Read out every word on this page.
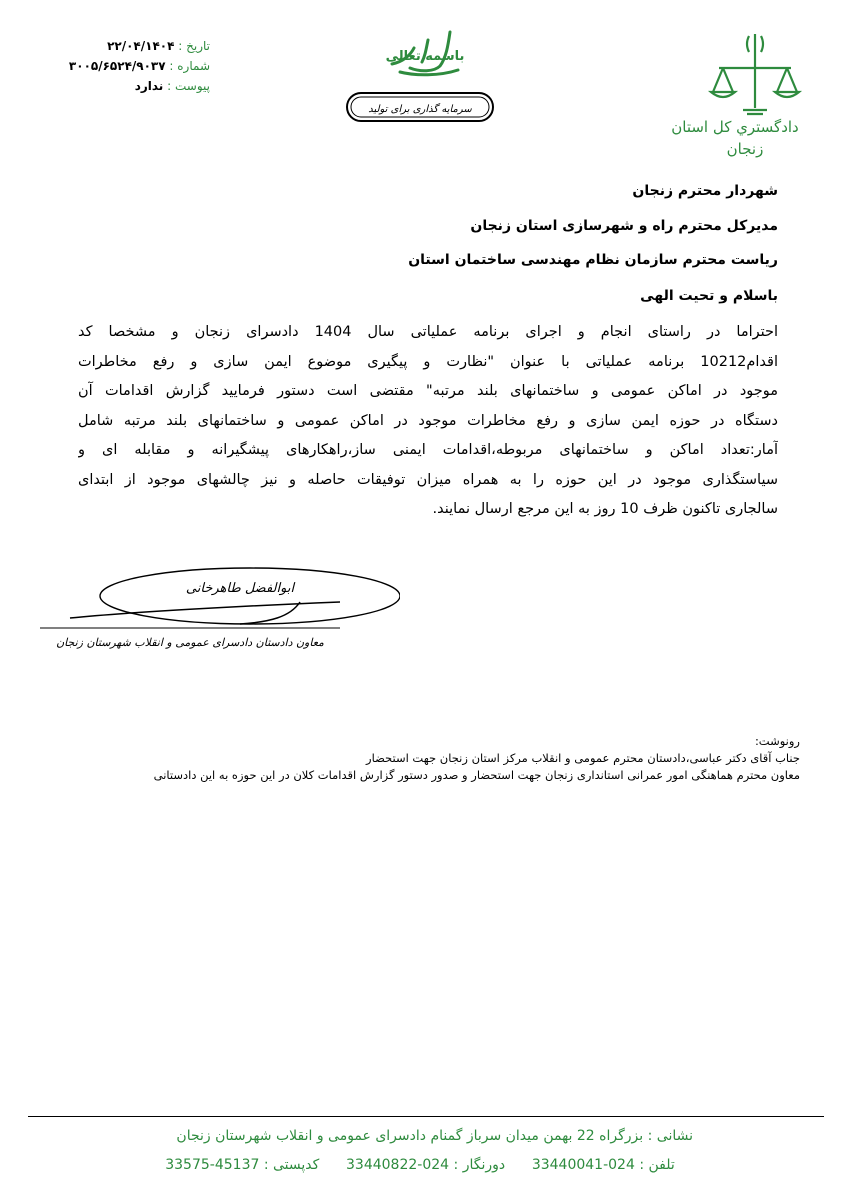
تاریخ : ۲۲/۰۴/۱۴۰۴
شماره : ۳۰۰۵/۶۵۲۴/۹۰۳۷
پیوست : ندارد
باسمه تعالی
سرمایه گذاری برای تولید
دادگستري كل استان
زنجان
شهردار محترم زنجان
مدیرکل محترم راه و شهرسازی استان زنجان
ریاست محترم سازمان نظام مهندسی ساختمان استان
باسلام و تحیت الهی
احتراما در راستای انجام و اجرای برنامه عملیاتی سال 1404 دادسرای زنجان و مشخصا کد
اقدام10212 برنامه عملیاتی با عنوان "نظارت و پیگیری موضوع ایمن سازی و رفع مخاطرات
موجود در اماکن عمومی و ساختمانهای بلند مرتبه" مقتضی است دستور فرمایید گزارش اقدامات آن
دستگاه در حوزه ایمن سازی و رفع مخاطرات موجود در اماکن عمومی و ساختمانهای بلند مرتبه شامل
آمار:تعداد اماکن و ساختمانهای مربوطه،اقدامات ایمنی ساز،راهکارهای پیشگیرانه و مقابله ای و
سیاستگذاری موجود در این حوزه را به همراه میزان توفیقات حاصله و نیز چالشهای موجود از ابتدای
سالجاری تاکنون ظرف 10 روز به این مرجع ارسال نمایند.
ابوالفضل طاهرخانی
معاون دادستان دادسرای عمومی و انقلاب شهرستان زنجان
رونوشت:
جناب آقای دکتر عباسی،دادستان محترم عمومی و انقلاب مرکز استان زنجان جهت استحضار
معاون محترم هماهنگی امور عمرانی استانداری زنجان جهت استحضار و صدور دستور گزارش اقدامات کلان در این حوزه به این دادستانی
نشانی : بزرگراه 22 بهمن میدان سرباز گمنام دادسرای عمومی و انقلاب شهرستان زنجان
تلفن : 024-33440041      دورنگار : 024-33440822      کدپستی : 45137-33575
